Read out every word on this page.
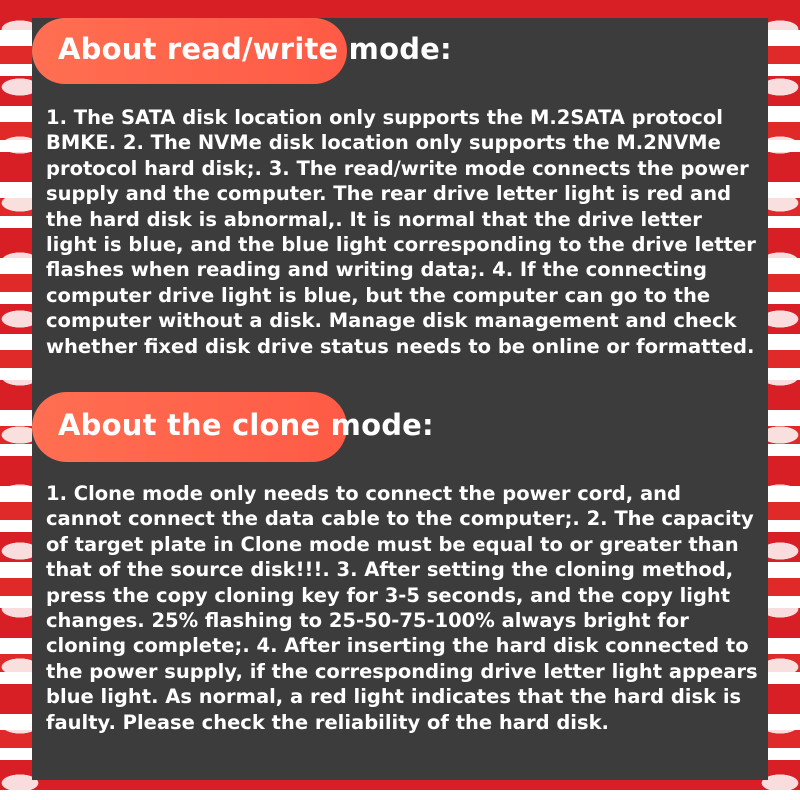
About read/write mode:

1. The SATA disk location only supports the M.2SATA protocol BMKE. 2. The NVMe disk location only supports the M.2NVMe protocol hard disk;. 3. The read/write mode connects the power supply and the computer. The rear drive letter light is red and the hard disk is abnormal,. It is normal that the drive letter light is blue, and the blue light corresponding to the drive letter flashes when reading and writing data;. 4. If the connecting computer drive light is blue, but the computer can go to the computer without a disk. Manage disk management and check whether fixed disk drive status needs to be online or formatted.

About the clone mode:

1. Clone mode only needs to connect the power cord, and cannot connect the data cable to the computer;. 2. The capacity of target plate in Clone mode must be equal to or greater than that of the source disk!!!. 3. After setting the cloning method, press the copy cloning key for 3-5 seconds, and the copy light changes. 25% flashing to 25-50-75-100% always bright for cloning complete;. 4. After inserting the hard disk connected to the power supply, if the corresponding drive letter light appears blue light. As normal, a red light indicates that the hard disk is faulty. Please check the reliability of the hard disk.
